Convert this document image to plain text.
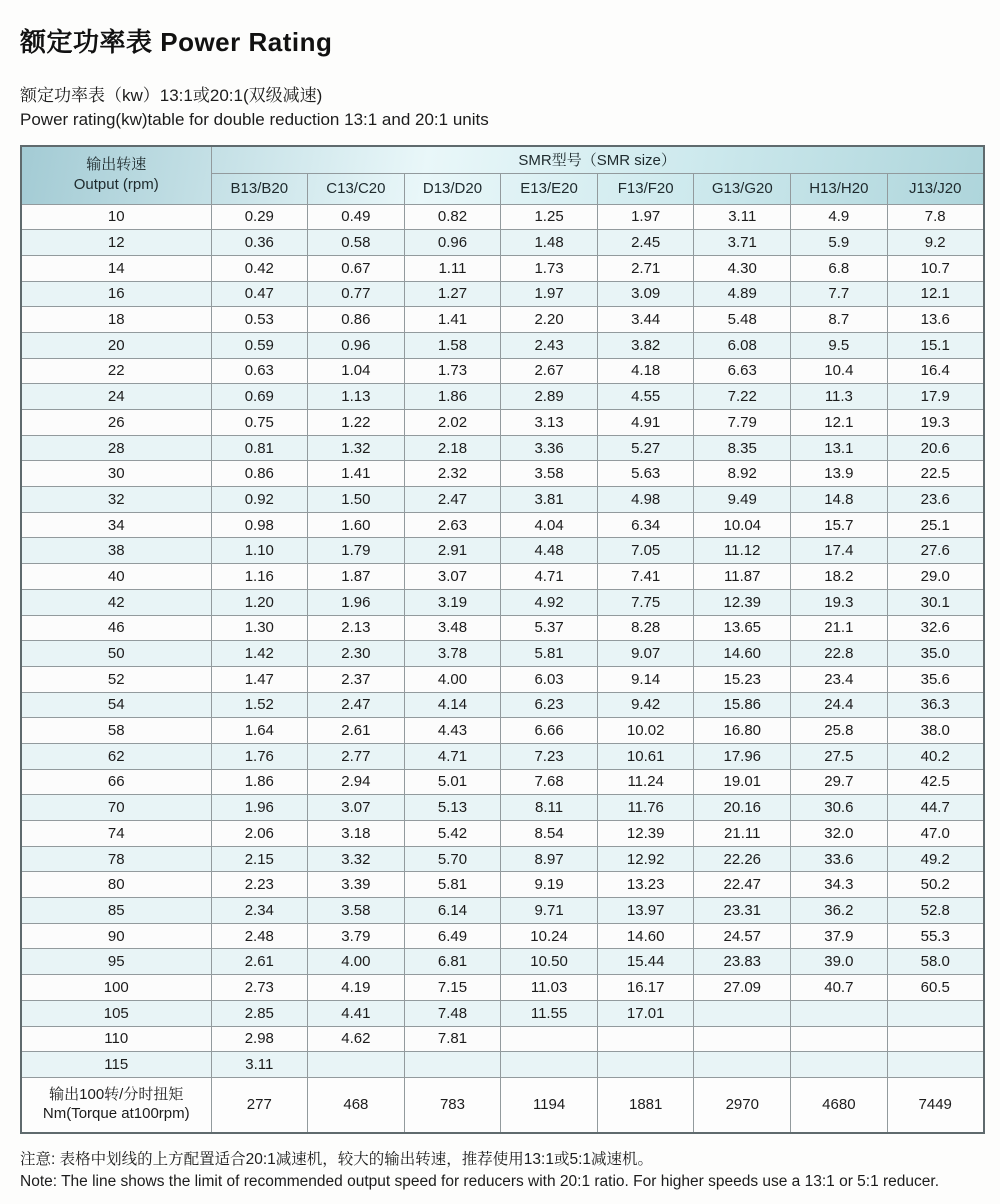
额定功率表 Power Rating
额定功率表（kw）13:1或20:1(双级减速)
Power rating(kw)table for double reduction 13:1 and 20:1 units
输出转速
Output (rpm)	SMR型号（SMR size）							
	B13/B20	C13/C20	D13/D20	E13/E20	F13/F20	G13/G20	H13/H20	J13/J20
10	0.29	0.49	0.82	1.25	1.97	3.11	4.9	7.8
12	0.36	0.58	0.96	1.48	2.45	3.71	5.9	9.2
14	0.42	0.67	1.11	1.73	2.71	4.30	6.8	10.7
16	0.47	0.77	1.27	1.97	3.09	4.89	7.7	12.1
18	0.53	0.86	1.41	2.20	3.44	5.48	8.7	13.6
20	0.59	0.96	1.58	2.43	3.82	6.08	9.5	15.1
22	0.63	1.04	1.73	2.67	4.18	6.63	10.4	16.4
24	0.69	1.13	1.86	2.89	4.55	7.22	11.3	17.9
26	0.75	1.22	2.02	3.13	4.91	7.79	12.1	19.3
28	0.81	1.32	2.18	3.36	5.27	8.35	13.1	20.6
30	0.86	1.41	2.32	3.58	5.63	8.92	13.9	22.5
32	0.92	1.50	2.47	3.81	4.98	9.49	14.8	23.6
34	0.98	1.60	2.63	4.04	6.34	10.04	15.7	25.1
38	1.10	1.79	2.91	4.48	7.05	11.12	17.4	27.6
40	1.16	1.87	3.07	4.71	7.41	11.87	18.2	29.0
42	1.20	1.96	3.19	4.92	7.75	12.39	19.3	30.1
46	1.30	2.13	3.48	5.37	8.28	13.65	21.1	32.6
50	1.42	2.30	3.78	5.81	9.07	14.60	22.8	35.0
52	1.47	2.37	4.00	6.03	9.14	15.23	23.4	35.6
54	1.52	2.47	4.14	6.23	9.42	15.86	24.4	36.3
58	1.64	2.61	4.43	6.66	10.02	16.80	25.8	38.0
62	1.76	2.77	4.71	7.23	10.61	17.96	27.5	40.2
66	1.86	2.94	5.01	7.68	11.24	19.01	29.7	42.5
70	1.96	3.07	5.13	8.11	11.76	20.16	30.6	44.7
74	2.06	3.18	5.42	8.54	12.39	21.11	32.0	47.0
78	2.15	3.32	5.70	8.97	12.92	22.26	33.6	49.2
80	2.23	3.39	5.81	9.19	13.23	22.47	34.3	50.2
85	2.34	3.58	6.14	9.71	13.97	23.31	36.2	52.8
90	2.48	3.79	6.49	10.24	14.60	24.57	37.9	55.3
95	2.61	4.00	6.81	10.50	15.44	23.83	39.0	58.0
100	2.73	4.19	7.15	11.03	16.17	27.09	40.7	60.5
105	2.85	4.41	7.48	11.55	17.01			
110	2.98	4.62	7.81					
115	3.11							

输出100转/分时扭矩
Nm(Torque at100rpm)	277	468	783	1194	1881	2970	4680	7449
注意: 表格中划线的上方配置适合20:1减速机，较大的输出转速，推荐使用13:1或5:1减速机。
Note: The line shows the limit of recommended output speed for reducers with 20:1 ratio. For higher speeds use a 13:1 or 5:1 reducer.
